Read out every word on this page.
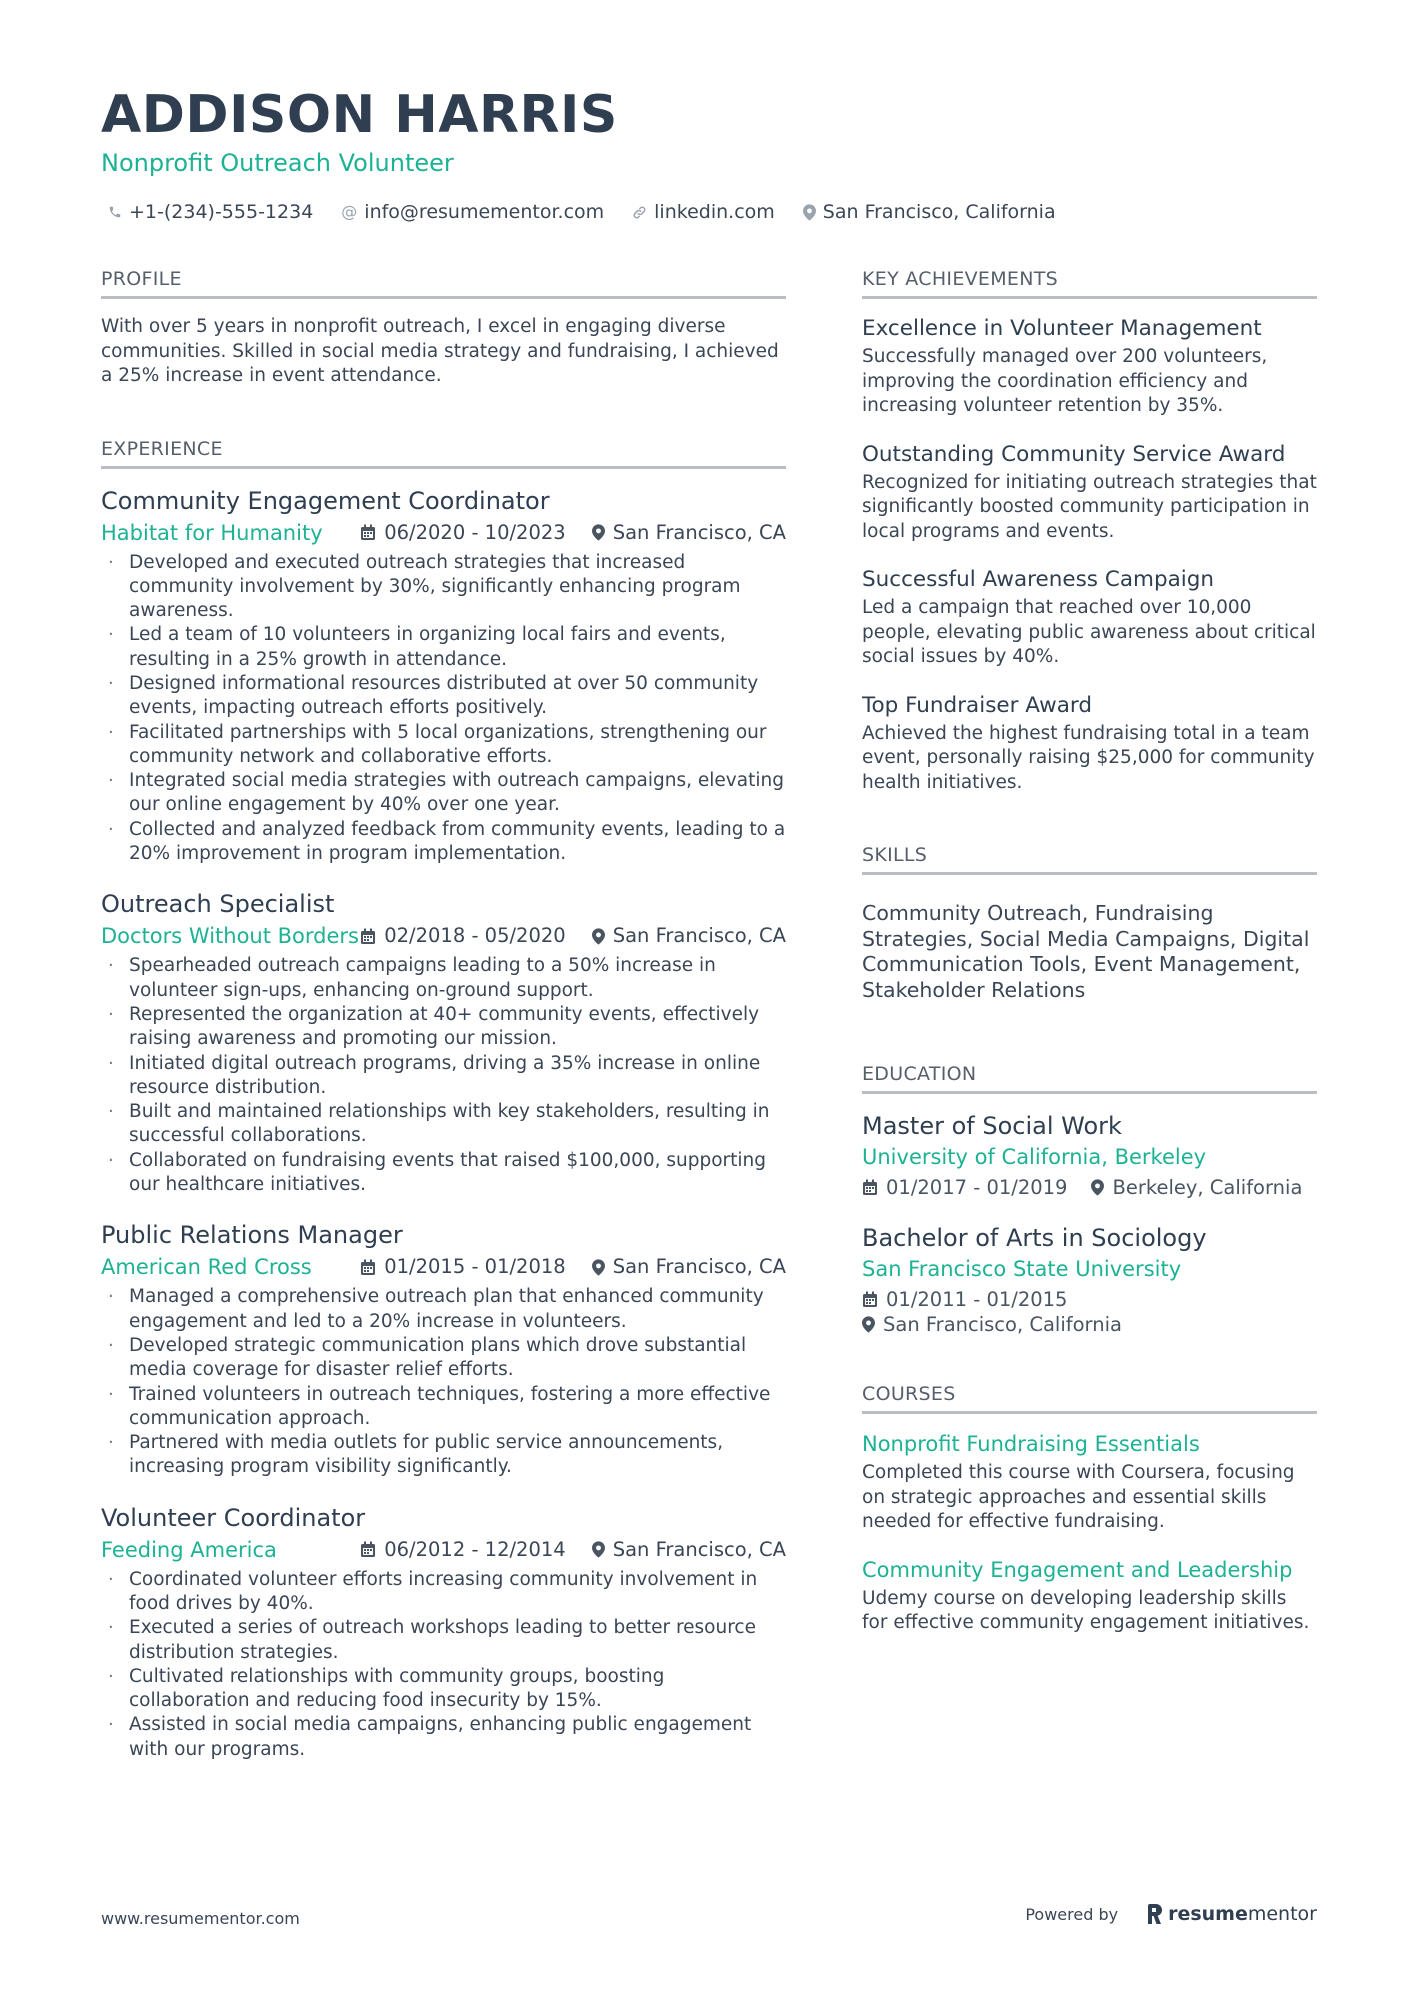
ADDISON HARRIS
Nonprofit Outreach Volunteer
+1-(234)-555-1234 @ info@resumementor.com	linkedin.com	San Francisco, California
PROFILE
With over 5 years in nonprofit outreach, I excel in engaging diverse communities. Skilled in social media strategy and fundraising, I achieved a 25% increase in event attendance.
EXPERIENCE
Community Engagement Coordinator
Habitat for Humanity	06/2020 - 10/2023 San Francisco, CA
· Developed and executed outreach strategies that increased community involvement by 30%, significantly enhancing program awareness.
· Led a team of 10 volunteers in organizing local fairs and events, resulting in a 25% growth in attendance.
· Designed informational resources distributed at over 50 community events, impacting outreach efforts positively.
· Facilitated partnerships with 5 local organizations, strengthening our community network and collaborative efforts.
· Integrated social media strategies with outreach campaigns, elevating our online engagement by 40% over one year.
· Collected and analyzed feedback from community events, leading to a 20% improvement in program implementation.
Outreach Specialist
Doctors Without Borders 02/2018 - 05/2020 San Francisco, CA
· Spearheaded outreach campaigns leading to a 50% increase in volunteer sign-ups, enhancing on-ground support.
· Represented the organization at 40+ community events, effectively raising awareness and promoting our mission.
· Initiated digital outreach programs, driving a 35% increase in online resource distribution.
· Built and maintained relationships with key stakeholders, resulting in successful collaborations.
· Collaborated on fundraising events that raised $100,000, supporting our healthcare initiatives.
Public Relations Manager
American Red Cross	01/2015 - 01/2018 San Francisco, CA
· Managed a comprehensive outreach plan that enhanced community engagement and led to a 20% increase in volunteers.
· Developed strategic communication plans which drove substantial media coverage for disaster relief efforts.
· Trained volunteers in outreach techniques, fostering a more effective communication approach.
· Partnered with media outlets for public service announcements, increasing program visibility significantly.
Volunteer Coordinator
Feeding America	06/2012 - 12/2014 San Francisco, CA
· Coordinated volunteer efforts increasing community involvement in food drives by 40%.
· Executed a series of outreach workshops leading to better resource distribution strategies.
· Cultivated relationships with community groups, boosting collaboration and reducing food insecurity by 15%.
· Assisted in social media campaigns, enhancing public engagement with our programs.
KEY ACHIEVEMENTS
Excellence in Volunteer Management
Successfully managed over 200 volunteers, improving the coordination efficiency and increasing volunteer retention by 35%.
Outstanding Community Service Award
Recognized for initiating outreach strategies that significantly boosted community participation in local programs and events.
Successful Awareness Campaign
Led a campaign that reached over 10,000 people, elevating public awareness about critical social issues by 40%.
Top Fundraiser Award
Achieved the highest fundraising total in a team event, personally raising $25,000 for community health initiatives.
SKILLS
Community Outreach, Fundraising Strategies, Social Media Campaigns, Digital Communication Tools, Event Management, Stakeholder Relations
EDUCATION
Master of Social Work
University of California, Berkeley
01/2017 - 01/2019 Berkeley, California
Bachelor of Arts in Sociology
San Francisco State University
01/2011 - 01/2015
San Francisco, California
COURSES
Nonprofit Fundraising Essentials
Completed this course with Coursera, focusing on strategic approaches and essential skills needed for effective fundraising.
Community Engagement and Leadership
Udemy course on developing leadership skills for effective community engagement initiatives.
www.resumementor.com	Powered by	resume mentor
